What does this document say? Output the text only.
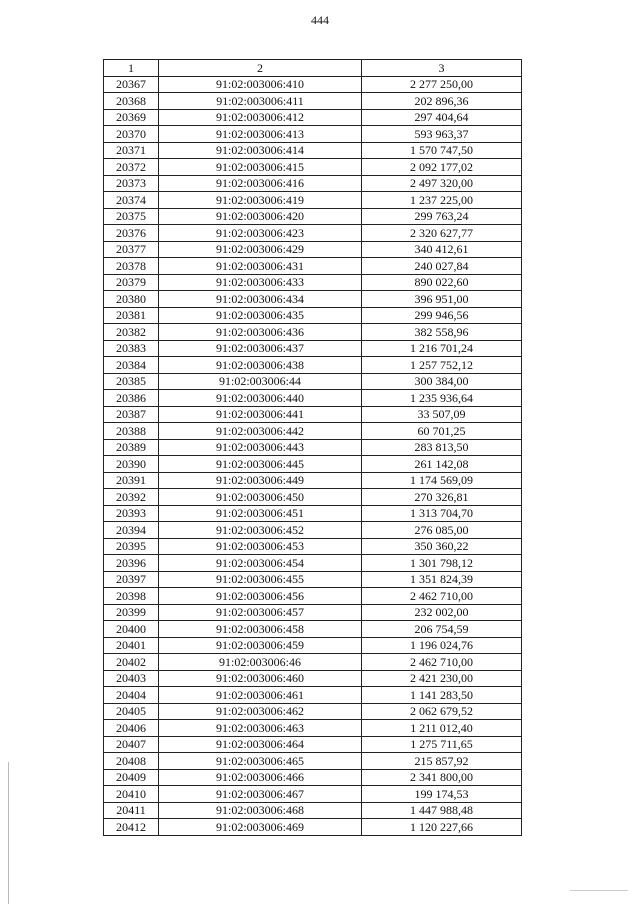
444
1	2	3
20367	91:02:003006:410	2 277 250,00
20368	91:02:003006:411	202 896,36
20369	91:02:003006:412	297 404,64
20370	91:02:003006:413	593 963,37
20371	91:02:003006:414	1 570 747,50
20372	91:02:003006:415	2 092 177,02
20373	91:02:003006:416	2 497 320,00
20374	91:02:003006:419	1 237 225,00
20375	91:02:003006:420	299 763,24
20376	91:02:003006:423	2 320 627,77
20377	91:02:003006:429	340 412,61
20378	91:02:003006:431	240 027,84
20379	91:02:003006:433	890 022,60
20380	91:02:003006:434	396 951,00
20381	91:02:003006:435	299 946,56
20382	91:02:003006:436	382 558,96
20383	91:02:003006:437	1 216 701,24
20384	91:02:003006:438	1 257 752,12
20385	91:02:003006:44	300 384,00
20386	91:02:003006:440	1 235 936,64
20387	91:02:003006:441	33 507,09
20388	91:02:003006:442	60 701,25
20389	91:02:003006:443	283 813,50
20390	91:02:003006:445	261 142,08
20391	91:02:003006:449	1 174 569,09
20392	91:02:003006:450	270 326,81
20393	91:02:003006:451	1 313 704,70
20394	91:02:003006:452	276 085,00
20395	91:02:003006:453	350 360,22
20396	91:02:003006:454	1 301 798,12
20397	91:02:003006:455	1 351 824,39
20398	91:02:003006:456	2 462 710,00
20399	91:02:003006:457	232 002,00
20400	91:02:003006:458	206 754,59
20401	91:02:003006:459	1 196 024,76
20402	91:02:003006:46	2 462 710,00
20403	91:02:003006:460	2 421 230,00
20404	91:02:003006:461	1 141 283,50
20405	91:02:003006:462	2 062 679,52
20406	91:02:003006:463	1 211 012,40
20407	91:02:003006:464	1 275 711,65
20408	91:02:003006:465	215 857,92
20409	91:02:003006:466	2 341 800,00
20410	91:02:003006:467	199 174,53
20411	91:02:003006:468	1 447 988,48
20412	91:02:003006:469	1 120 227,66
